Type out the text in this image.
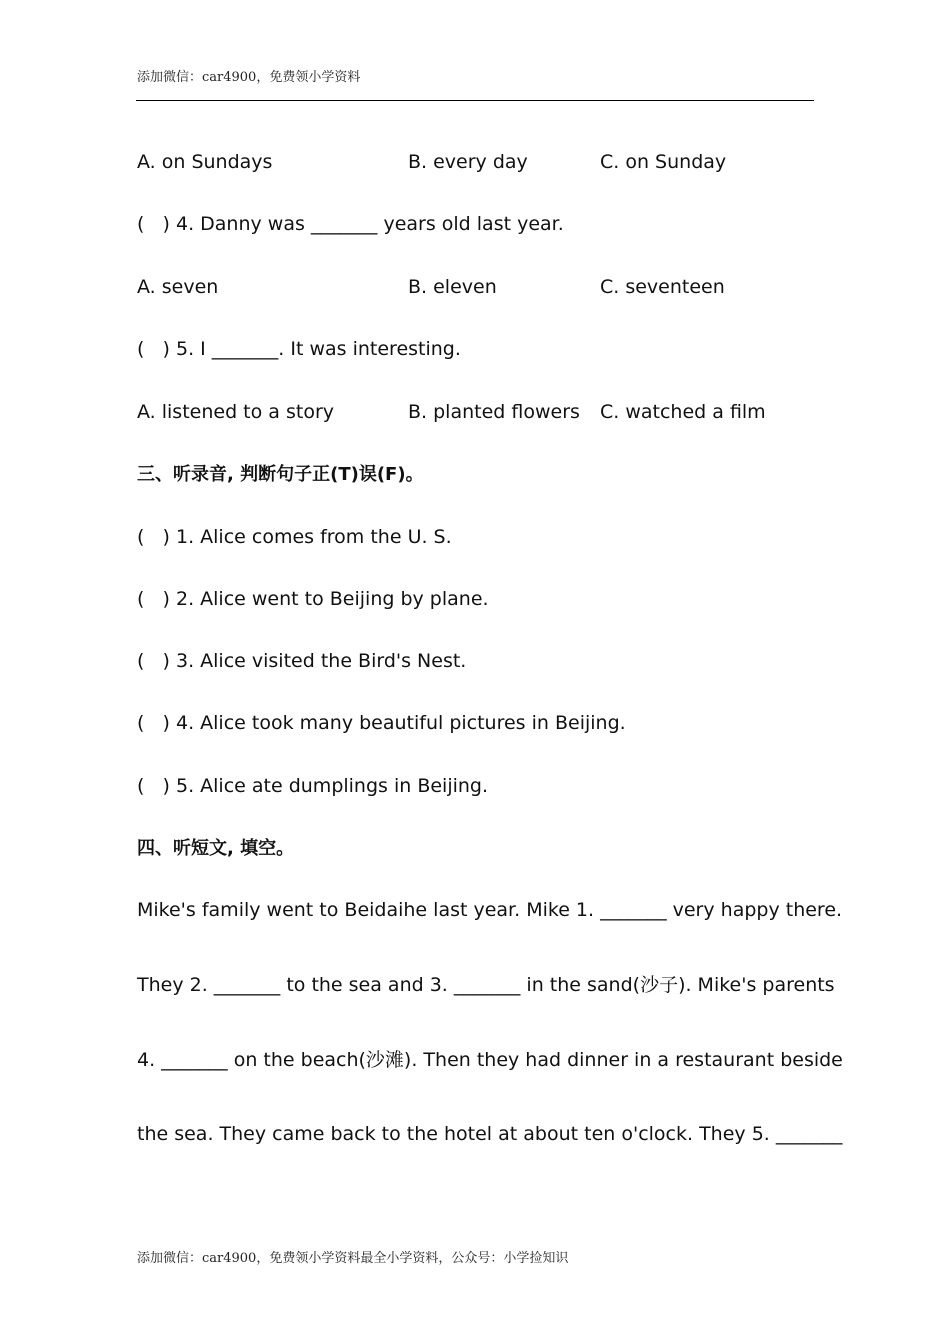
添加微信：car4900，免费领小学资料
A. on Sundays	B. every day	C. on Sunday
(   ) 4. Danny was _______ years old last year.
A. seven	B. eleven	C. seventeen
(   ) 5. I _______. It was interesting.
A. listened to a story	B. planted flowers C. watched a film
三、听录音, 判断句子正(T)误(F)。
(   ) 1. Alice comes from the U. S.
(   ) 2. Alice went to Beijing by plane.
(   ) 3. Alice visited the Bird's Nest.
(   ) 4. Alice took many beautiful pictures in Beijing.
(   ) 5. Alice ate dumplings in Beijing.
四、听短文, 填空。
Mike's family went to Beidaihe last year. Mike 1. _______ very happy there.
They 2. _______ to the sea and 3. _______ in the sand(沙子). Mike's parents
4. _______ on the beach(沙滩). Then they had dinner in a restaurant beside
the sea. They came back to the hotel at about ten o'clock. They 5. _______
添加微信：car4900，免费领小学资料最全小学资料，公众号：小学捡知识
